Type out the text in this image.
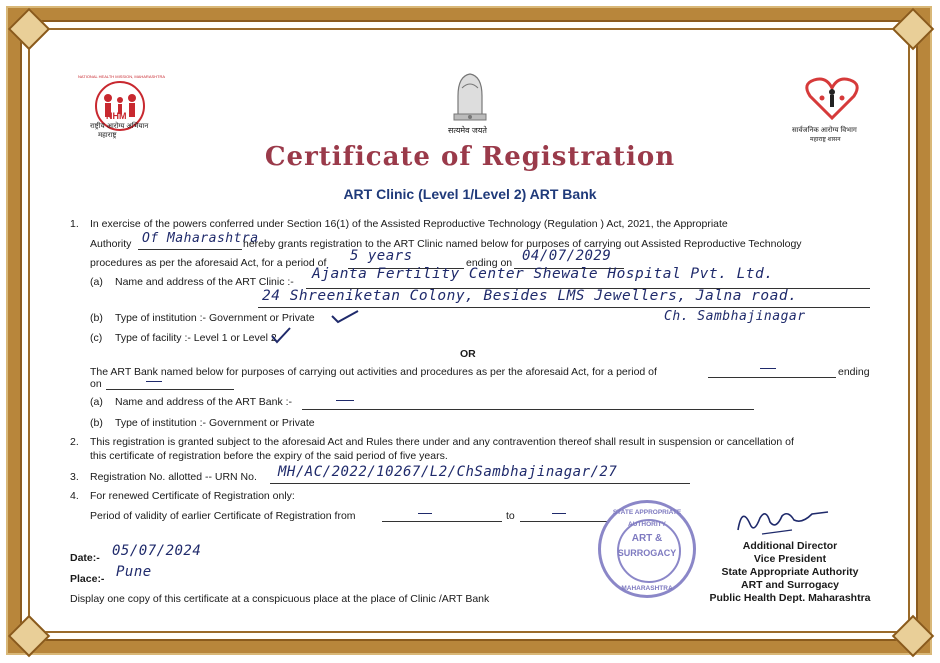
NHM
NATIONAL HEALTH MISSION, MAHARASHTRA
राष्ट्रीय आरोग्य अभियान
महाराष्ट्र
सत्यमेव जयते	सार्वजनिक आरोग्य विभाग
महाराष्ट्र शासन
Certificate of Registration
ART Clinic (Level 1/Level 2) ART Bank
1. In exercise of the powers conferred under Section 16(1) of the Assisted Reproductive Technology (Regulation ) Act, 2021, the Appropriate
Authority Of Maharashtra
hereby grants registration to the ART Clinic named below for purposes of carrying out Assisted Reproductive Technology
procedures as per the aforesaid Act, for a period of 5 years	ending on 04/07/2029
(a) Name and address of the ART Clinic :- Ajanta Fertility Center Shewale Hospital Pvt. Ltd.
24 Shreeniketan Colony, Besides LMS Jewellers, Jalna road.
Ch. Sambhajinagar
(b) Type of institution :- Government or Private
(c) Type of facility :- Level 1 or Level 2.
OR
The ART Bank named below for purposes of carrying out activities and procedures as per the aforesaid Act, for a period of	ending
on
(a) Name and address of the ART Bank :-
(b) Type of institution :- Government or Private
2. This registration is granted subject to the aforesaid Act and Rules there under and any contravention thereof shall result in suspension or cancellation of
this certificate of registration before the expiry of the said period of five years.
3. Registration No. allotted -- URN No. MH/AC/2022/10267/L2/ChSambhajinagar/27
4. For renewed Certificate of Registration only:
Period of validity of earlier Certificate of Registration from	to
Date:- 05/07/2024
Place:- Pune
Display one copy of this certificate at a conspicuous place at the place of Clinic /ART Bank
STATE APPROPRIATE AUTHORITY
ART &
SURROGACY
MAHARASHTRA
Additional Director
Vice President
State Appropriate Authority
ART and Surrogacy
Public Health Dept. Maharashtra
